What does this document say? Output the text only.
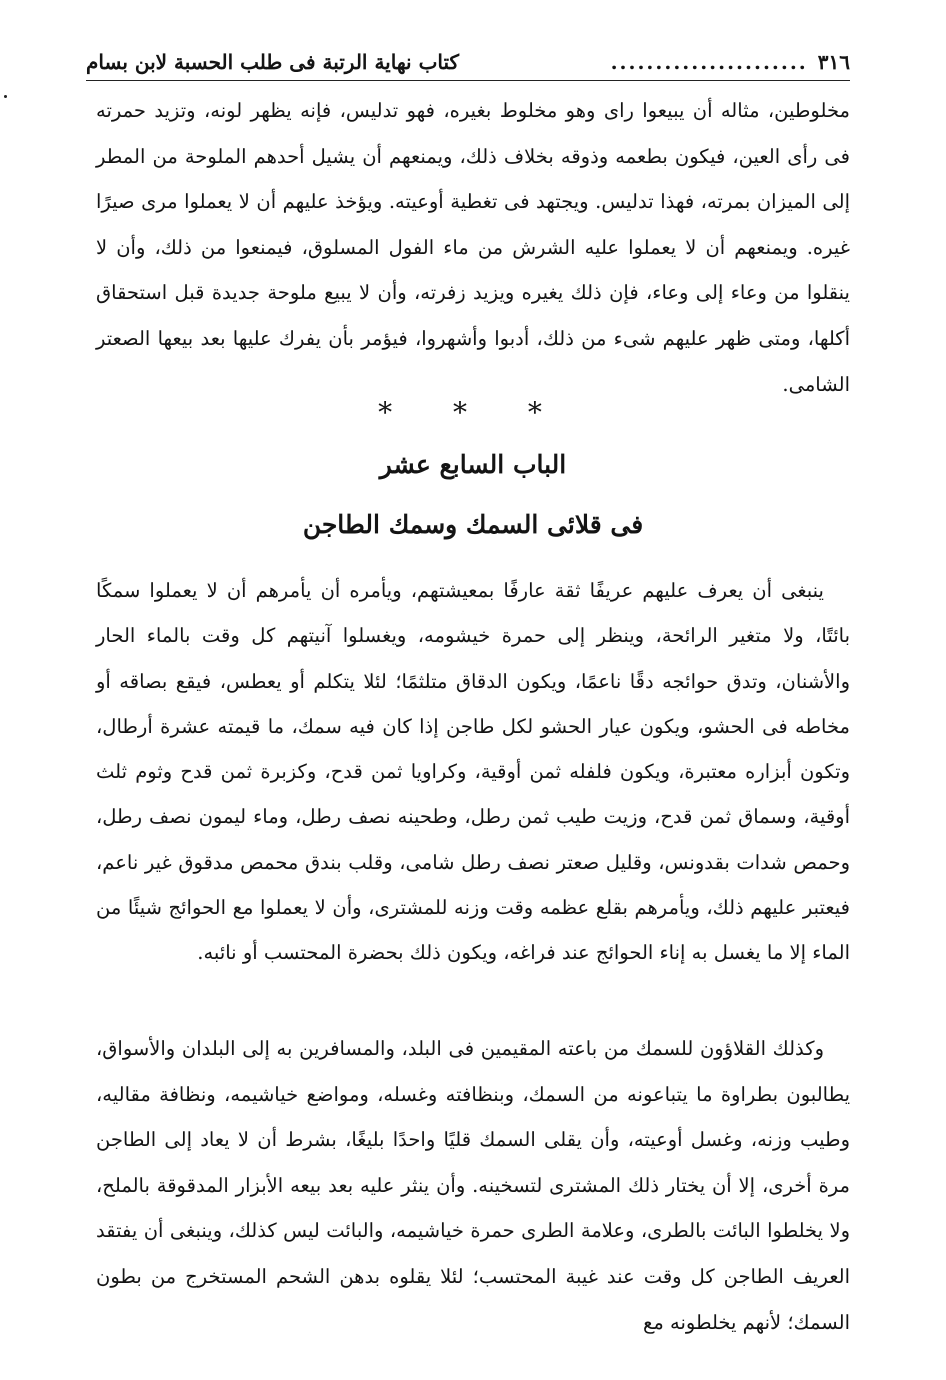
٣١٦
......................
كتاب نهاية الرتبة فى طلب الحسبة لابن بسام

مخلوطين، مثاله أن يبيعوا راى وهو مخلوط بغيره، فهو تدليس، فإنه يظهر لونه، وتزيد حمرته فى رأى العين، فيكون بطعمه وذوقه بخلاف ذلك، ويمنعهم أن يشيل أحدهم الملوحة من المطر إلى الميزان بمرته، فهذا تدليس. ويجتهد فى تغطية أوعيته. ويؤخذ عليهم أن لا يعملوا مرى صيرًا غيره. ويمنعهم أن لا يعملوا عليه الشرش من ماء الفول المسلوق، فيمنعوا من ذلك، وأن لا ينقلوا من وعاء إلى وعاء، فإن ذلك يغيره ويزيد زفرته، وأن لا يبيع ملوحة جديدة قبل استحقاق أكلها، ومتى ظهر عليهم شىء من ذلك، أدبوا وأشهروا، فيؤمر بأن يفرك عليها بعد بيعها الصعتر الشامى.

* * *
الباب السابع عشر
فى قلائى السمك وسمك الطاجن

ينبغى أن يعرف عليهم عريفًا ثقة عارفًا بمعيشتهم، ويأمره أن يأمرهم أن لا يعملوا سمكًا بائتًا، ولا متغير الرائحة، وينظر إلى حمرة خيشومه، ويغسلوا آنيتهم كل وقت بالماء الحار والأشنان، وتدق حوائجه دقًا ناعمًا، ويكون الدقاق متلثمًا؛ لئلا يتكلم أو يعطس، فيقع بصاقه أو مخاطه فى الحشو، ويكون عيار الحشو لكل طاجن إذا كان فيه سمك، ما قيمته عشرة أرطال، وتكون أبزاره معتبرة، ويكون فلفله ثمن أوقية، وكراويا ثمن قدح، وكزبرة ثمن قدح وثوم ثلث أوقية، وسماق ثمن قدح، وزيت طيب ثمن رطل، وطحينه نصف رطل، وماء ليمون نصف رطل، وحمص شدات بقدونس، وقليل صعتر نصف رطل شامى، وقلب بندق محمص مدقوق غير ناعم، فيعتبر عليهم ذلك، ويأمرهم بقلع عظمه وقت وزنه للمشترى، وأن لا يعملوا مع الحوائج شيئًا من الماء إلا ما يغسل به إناء الحوائج عند فراغه، ويكون ذلك بحضرة المحتسب أو نائبه.

وكذلك القلاؤون للسمك من باعته المقيمين فى البلد، والمسافرين به إلى البلدان والأسواق، يطالبون بطراوة ما يتباعونه من السمك، وبنظافته وغسله، ومواضع خياشيمه، ونظافة مقاليه، وطيب وزنه، وغسل أوعيته، وأن يقلى السمك قليًا واحدًا بليغًا، بشرط أن لا يعاد إلى الطاجن مرة أخرى، إلا أن يختار ذلك المشترى لتسخينه. وأن ينثر عليه بعد بيعه الأبزار المدقوقة بالملح، ولا يخلطوا البائت بالطرى، وعلامة الطرى حمرة خياشيمه، والبائت ليس كذلك، وينبغى أن يفتقد العريف الطاجن كل وقت عند غيبة المحتسب؛ لئلا يقلوه بدهن الشحم المستخرج من بطون السمك؛ لأنهم يخلطونه مع
